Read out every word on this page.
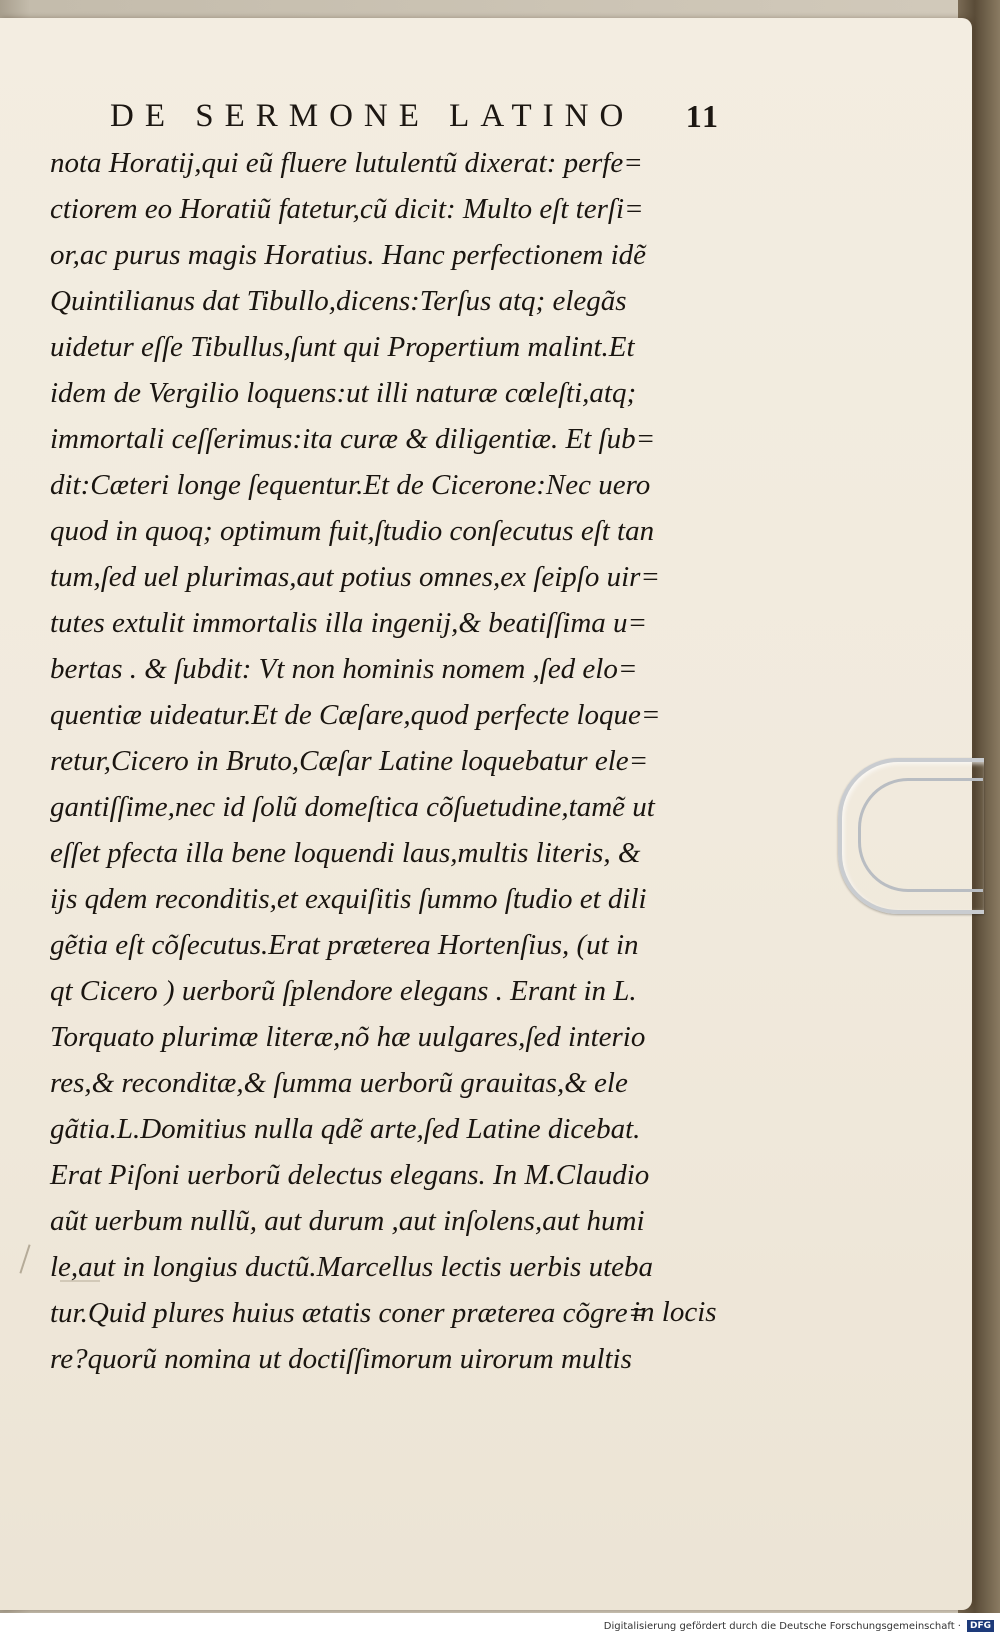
DE SERMONE LATINO 11
nota Horatij,qui eũ fluere lutulentũ dixerat: perfe=
ctiorem eo Horatiũ fatetur,cũ dicit: Multo eſt terſi=
or,ac purus magis Horatius. Hanc perfectionem idẽ
Quintilianus dat Tibullo,dicens:Terſus atq; elegãs
uidetur eſſe Tibullus,ſunt qui Propertium malint.Et
idem de Vergilio loquens:ut illi naturæ cœleſti,atq;
immortali ceſſerimus:ita curæ & diligentiæ. Et ſub=
dit:Cæteri longe ſequentur.Et de Cicerone:Nec uero
quod in quoq; optimum fuit,ſtudio conſecutus eſt tan
tum,ſed uel plurimas,aut potius omnes,ex ſeipſo uir=
tutes extulit immortalis illa ingenij,& beatiſſima u=
bertas . & ſubdit: Vt non hominis nomem ,ſed elo=
quentiæ uideatur.Et de Cæſare,quod perfecte loque=
retur,Cicero in Bruto,Cæſar Latine loquebatur ele=
gantiſſime,nec id ſolũ domeſtica cõſuetudine,tamẽ ut
eſſet pfecta illa bene loquendi laus,multis literis, &
ijs qdem reconditis,et exquiſitis ſummo ſtudio et dili
gẽtia eſt cõſecutus.Erat præterea Hortenſius, (ut in
qt Cicero ) uerborũ ſplendore elegans . Erant in L.
Torquato plurimæ literæ,nõ hæ uulgares,ſed interio
res,& reconditæ,& ſumma uerborũ grauitas,& ele
gãtia.L.Domitius nulla qdẽ arte,ſed Latine dicebat.
Erat Piſoni uerborũ delectus elegans. In M.Claudio
aũt uerbum nullũ, aut durum ,aut inſolens,aut humi
le,aut in longius ductũ.Marcellus lectis uerbis uteba
tur.Quid plures huius ætatis coner præterea cõgre=
re?quorũ nomina ut doctiſſimorum uirorum multis
in locis
Digitalisierung gefördert durch die Deutsche Forschungsgemeinschaft ·	DFG
